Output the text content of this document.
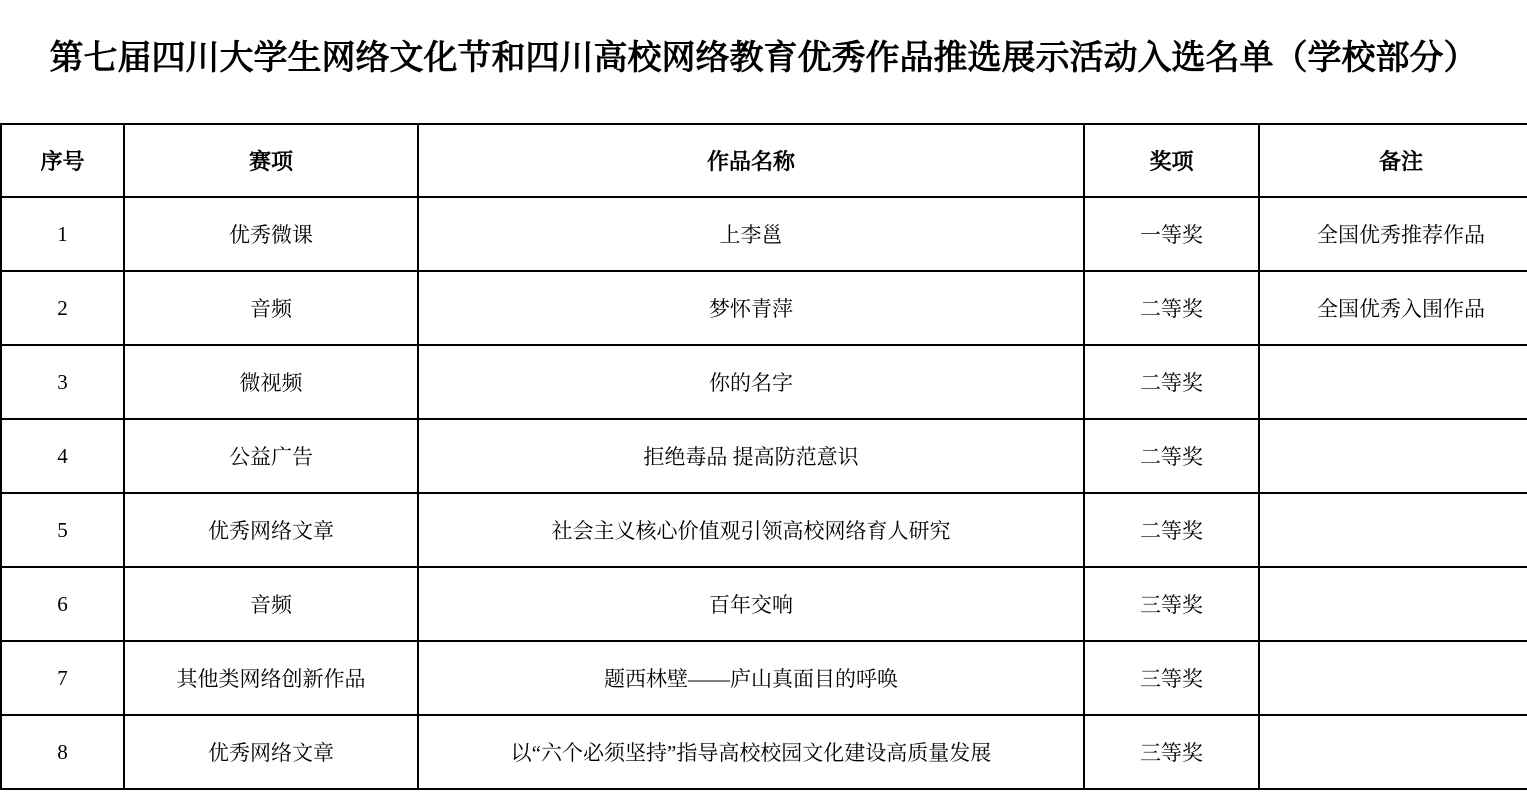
第七届四川大学生网络文化节和四川高校网络教育优秀作品推选展示活动入选名单（学校部分）
序号	赛项	作品名称	奖项	备注
1	优秀微课	上李邕	一等奖	全国优秀推荐作品
2	音频	梦怀青萍	二等奖	全国优秀入围作品
3	微视频	你的名字	二等奖	
4	公益广告	拒绝毒品 提高防范意识	二等奖	
5	优秀网络文章	社会主义核心价值观引领高校网络育人研究	二等奖	
6	音频	百年交响	三等奖	
7	其他类网络创新作品	题西林壁——庐山真面目的呼唤	三等奖	
8	优秀网络文章	以“六个必须坚持”指导高校校园文化建设高质量发展	三等奖	
